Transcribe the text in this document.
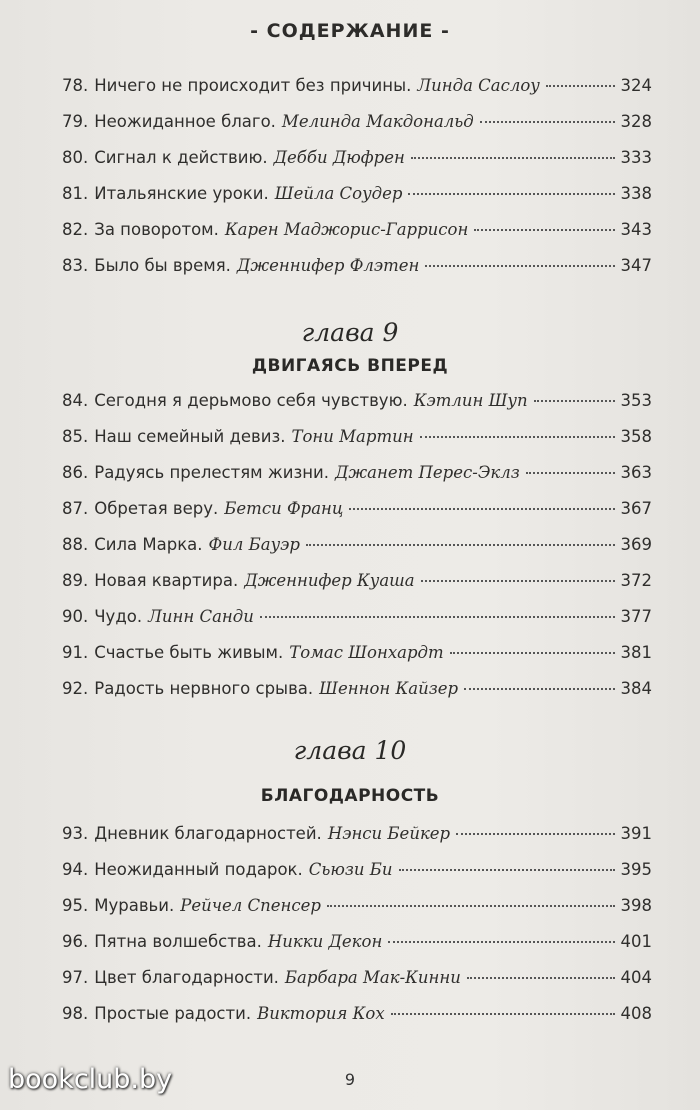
- СОДЕРЖАНИЕ -
78. Ничего не происходит без причины. Линда Саслоу	324
79. Неожиданное благо. Мелинда Макдональд	328
80. Сигнал к действию. Дебби Дюфрен	333
81. Итальянские уроки. Шейла Соудер	338
82. За поворотом. Карен Маджорис-Гаррисон	343
83. Было бы время. Дженнифер Флэтен	347
глава 9
ДВИГАЯСЬ ВПЕРЕД
84. Сегодня я дерьмово себя чувствую. Кэтлин Шуп	353
85. Наш семейный девиз. Тони Мартин	358
86. Радуясь прелестям жизни. Джанет Перес-Эклз	363
87. Обретая веру. Бетси Франц	367
88. Сила Марка. Фил Бауэр	369
89. Новая квартира. Дженнифер Куаша	372
90. Чудо. Линн Санди	377
91. Счастье быть живым. Томас Шонхардт	381
92. Радость нервного срыва. Шеннон Кайзер	384
глава 10
БЛАГОДАРНОСТЬ
93. Дневник благодарностей. Нэнси Бейкер	391
94. Неожиданный подарок. Сьюзи Би	395
95. Муравьи. Рейчел Спенсер	398
96. Пятна волшебства. Никки Декон	401
97. Цвет благодарности. Барбара Мак-Кинни	404
98. Простые радости. Виктория Кох	408
9
bookclub.by
